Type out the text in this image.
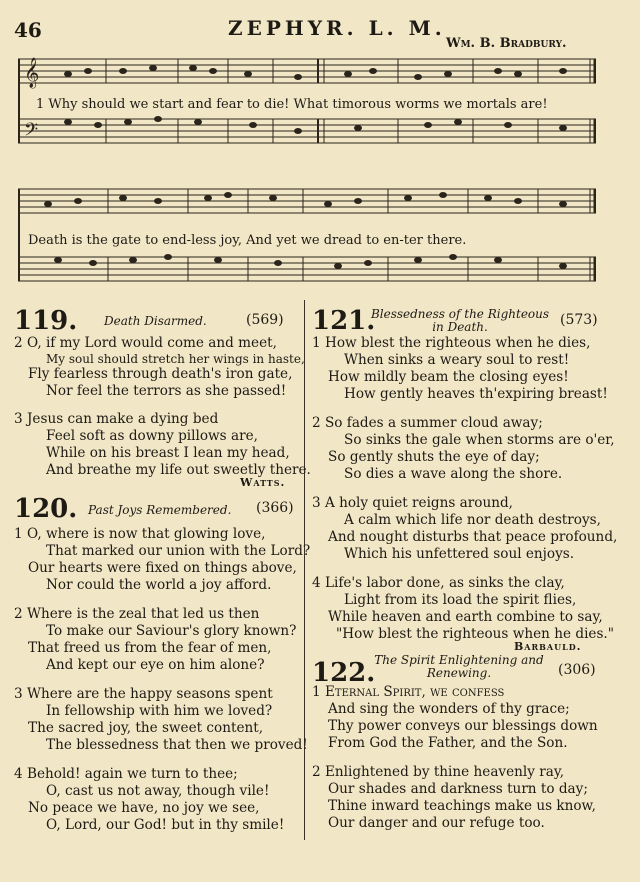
46	ZEPHYR. L. M.
Wm. B. Bradbury.
𝄞
𝄢
1 Why should we start and fear to die! What timorous worms we mortals are!
Death is the gate to end-less joy, And yet we dread to en-ter there.
119. Death Disarmed.	(569)
2 O, if my Lord would come and meet,
My soul should stretch her wings in haste,
Fly fearless through death's iron gate,
Nor feel the terrors as she passed!
3 Jesus can make a dying bed
Feel soft as downy pillows are,
While on his breast I lean my head,
And breathe my life out sweetly there.
Watts.
120. Past Joys Remembered. (366)
1 O, where is now that glowing love,
That marked our union with the Lord?
Our hearts were fixed on things above,
Nor could the world a joy afford.
2 Where is the zeal that led us then
To make our Saviour's glory known?
That freed us from the fear of men,
And kept our eye on him alone?
3 Where are the happy seasons spent
In fellowship with him we loved?
The sacred joy, the sweet content,
The blessedness that then we proved!
4 Behold! again we turn to thee;
O, cast us not away, though vile!
No peace we have, no joy we see,
O, Lord, our God! but in thy smile!
121.
Blessedness of the Righteous in Death.	(573)
1 How blest the righteous when he dies,
When sinks a weary soul to rest!
How mildly beam the closing eyes!
How gently heaves th'expiring breast!
2 So fades a summer cloud away;
So sinks the gale when storms are o'er,
So gently shuts the eye of day;
So dies a wave along the shore.
3 A holy quiet reigns around,
A calm which life nor death destroys,
And nought disturbs that peace profound,
Which his unfettered soul enjoys.
4 Life's labor done, as sinks the clay,
Light from its load the spirit flies,
While heaven and earth combine to say,
"How blest the righteous when he dies."
Barbauld.
122.
The Spirit Enlightening and Renewing.	(306)
1 Eternal Spirit, we confess
And sing the wonders of thy grace;
Thy power conveys our blessings down
From God the Father, and the Son.
2 Enlightened by thine heavenly ray,
Our shades and darkness turn to day;
Thine inward teachings make us know,
Our danger and our refuge too.
